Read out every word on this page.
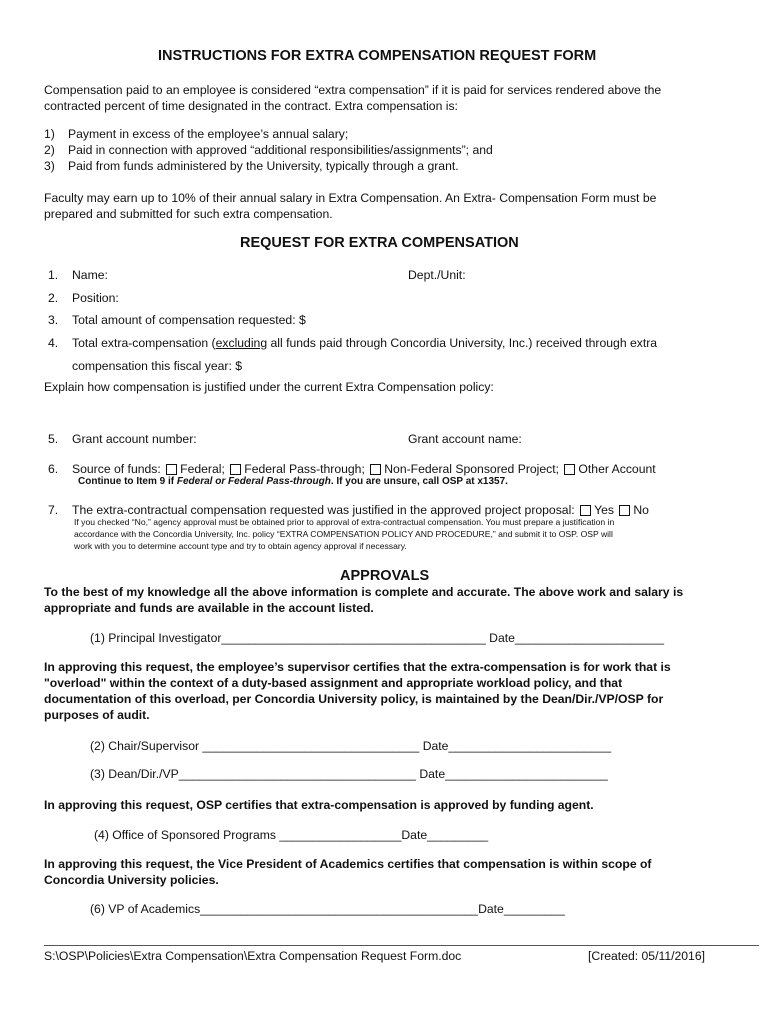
INSTRUCTIONS FOR EXTRA COMPENSATION REQUEST FORM
Compensation paid to an employee is considered “extra compensation” if it is paid for services rendered above the
contracted percent of time designated in the contract. Extra compensation is:
1) Payment in excess of the employee’s annual salary;
2) Paid in connection with approved “additional responsibilities/assignments”; and
3) Paid from funds administered by the University, typically through a grant.
Faculty may earn up to 10% of their annual salary in Extra Compensation. An Extra- Compensation Form must be
prepared and submitted for such extra compensation.
REQUEST FOR EXTRA COMPENSATION
1. Name:	Dept./Unit:
2. Position:
3. Total amount of compensation requested: $
4. Total extra-compensation (excluding all funds paid through Concordia University, Inc.) received through extra
compensation this fiscal year: $
Explain how compensation is justified under the current Extra Compensation policy:
5. Grant account number:	Grant account name:
6. Source of funds: Federal; Federal Pass-through; Non-Federal Sponsored Project; Other Account
Continue to Item 9 if Federal or Federal Pass-through. If you are unsure, call OSP at x1357.
7. The extra-contractual compensation requested was justified in the approved project proposal: Yes No
If you checked “No,” agency approval must be obtained prior to approval of extra-contractual compensation. You must prepare a justification in
accordance with the Concordia University, Inc. policy “EXTRA COMPENSATION POLICY AND PROCEDURE,” and submit it to OSP. OSP will
work with you to determine account type and try to obtain agency approval if necessary.
APPROVALS
To the best of my knowledge all the above information is complete and accurate. The above work and salary is
appropriate and funds are available in the account listed.
(1) Principal Investigator_______________________________________ Date______________________
In approving this request, the employee’s supervisor certifies that the extra-compensation is for work that is
"overload" within the context of a duty-based assignment and appropriate workload policy, and that
documentation of this overload, per Concordia University policy, is maintained by the Dean/Dir./VP/OSP for
purposes of audit.
(2) Chair/Supervisor ________________________________ Date________________________
(3) Dean/Dir./VP___________________________________ Date________________________
In approving this request, OSP certifies that extra-compensation is approved by funding agent.
(4) Office of Sponsored Programs __________________Date_________
In approving this request, the Vice President of Academics certifies that compensation is within scope of
Concordia University policies.
(6) VP of Academics_________________________________________Date_________
S:\OSP\Policies\Extra Compensation\Extra Compensation Request Form.doc	[Created: 05/11/2016]
